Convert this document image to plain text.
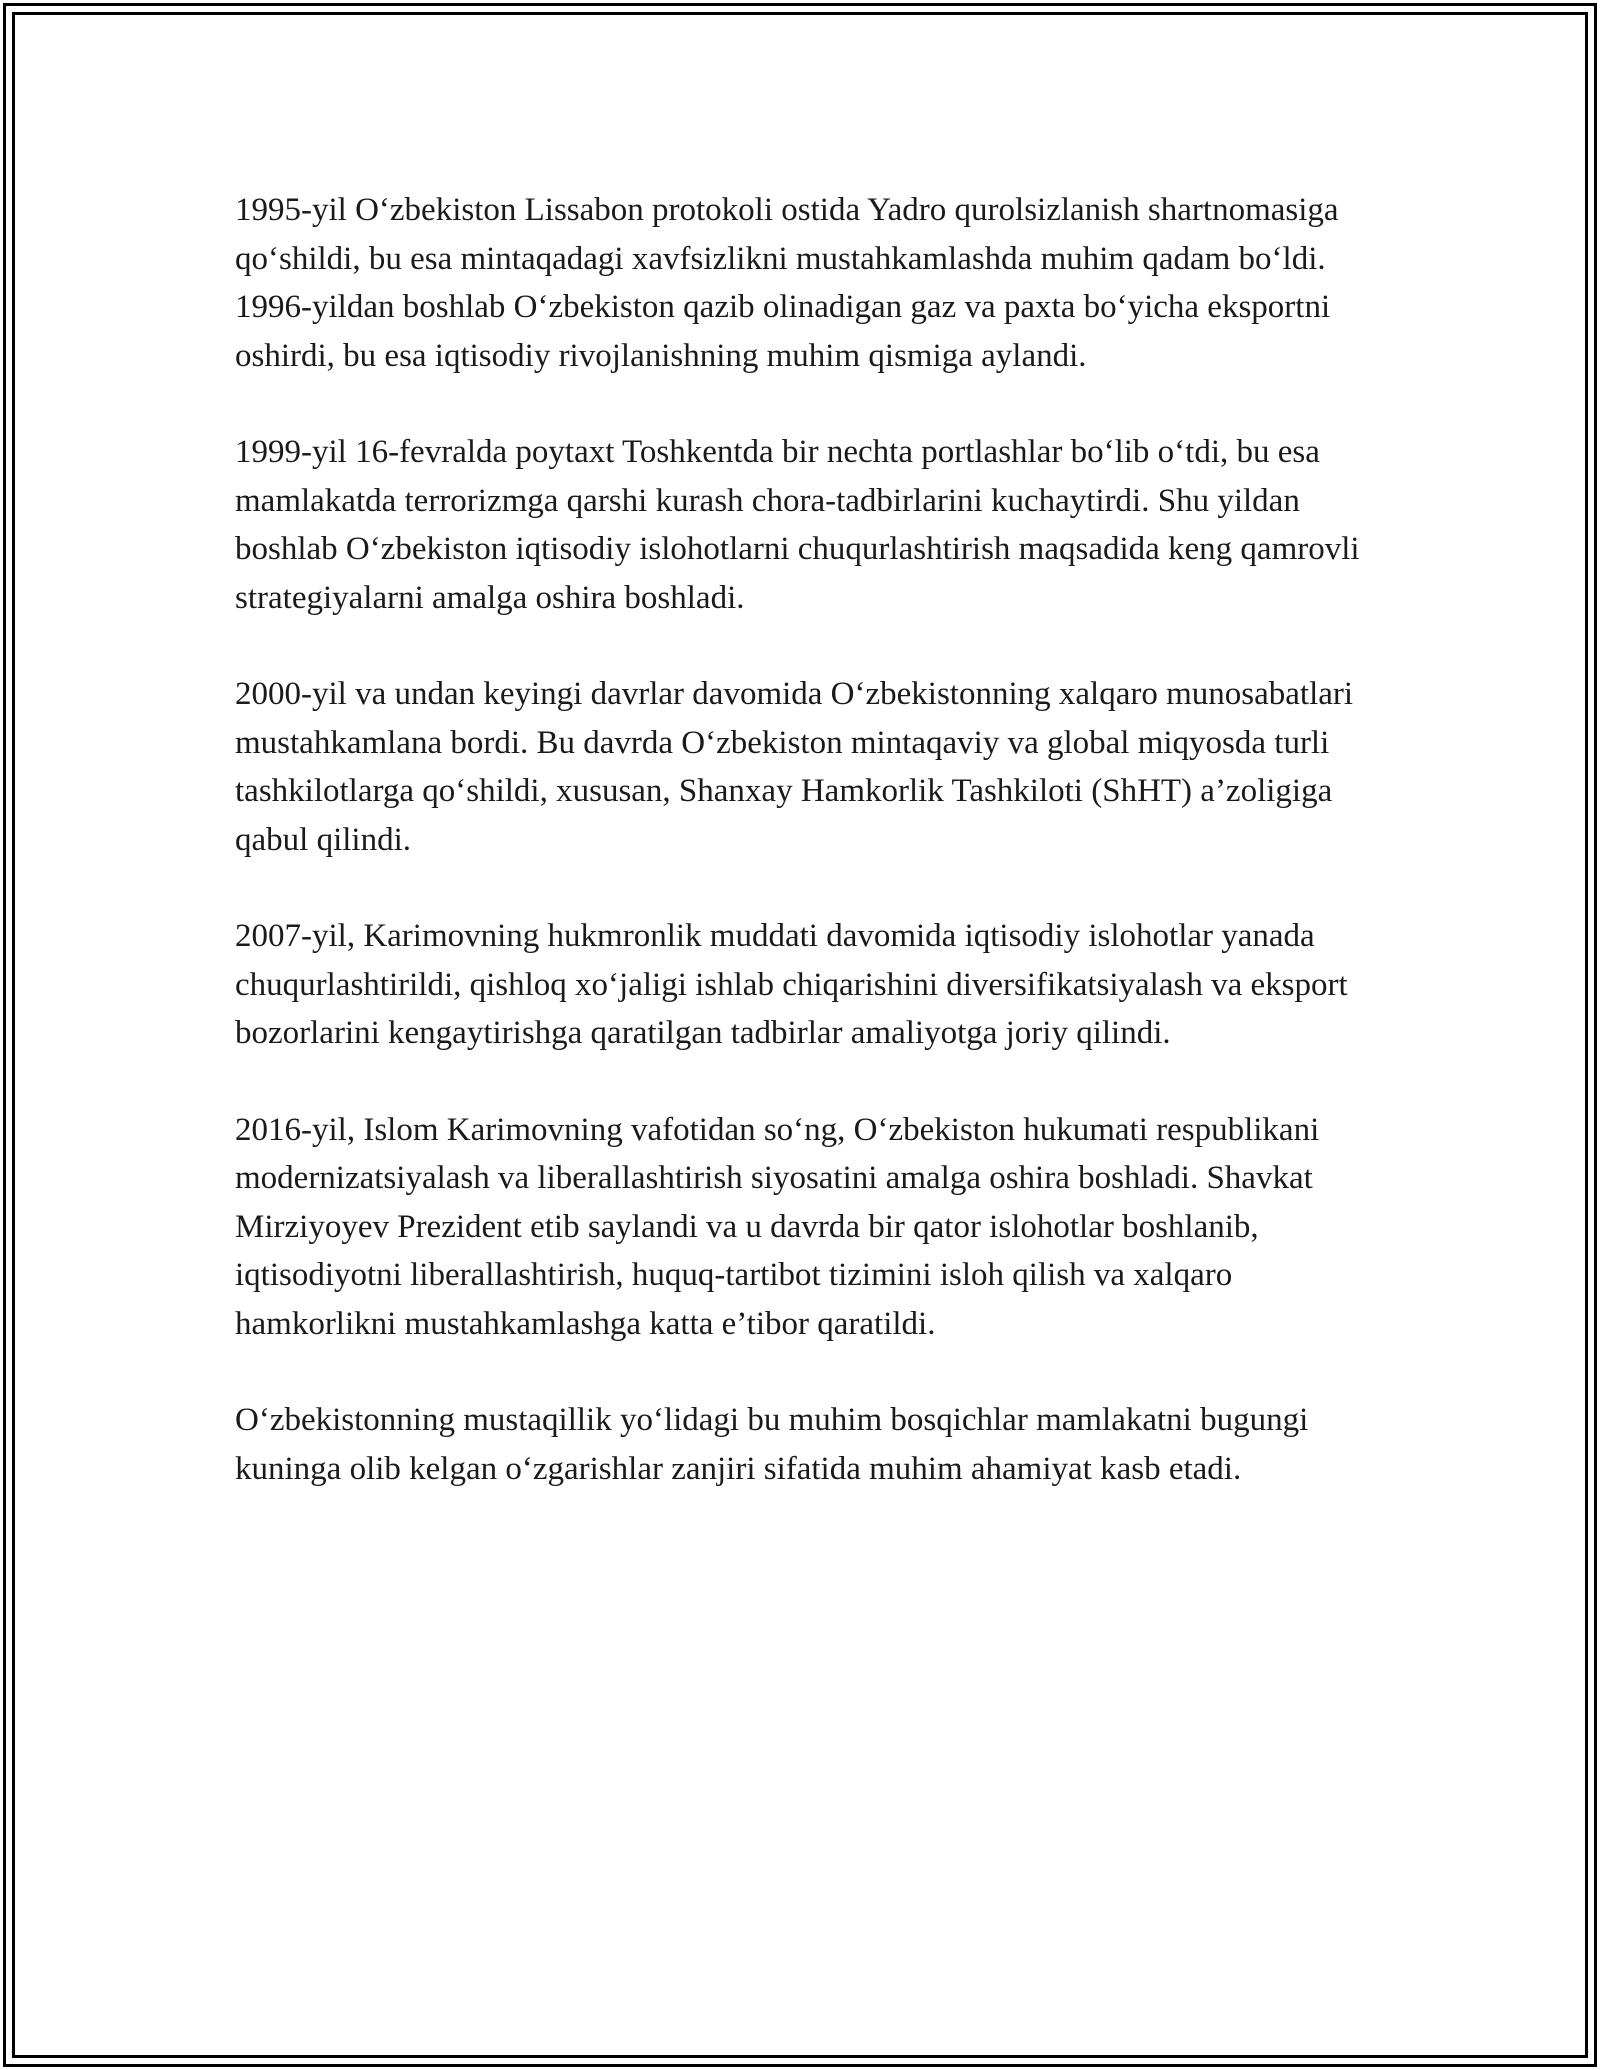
1995-yil O‘zbekiston Lissabon protokoli ostida Yadro qurolsizlanish shartnomasiga qo‘shildi, bu esa mintaqadagi xavfsizlikni mustahkamlashda muhim qadam bo‘ldi. 1996-yildan boshlab O‘zbekiston qazib olinadigan gaz va paxta bo‘yicha eksportni oshirdi, bu esa iqtisodiy rivojlanishning muhim qismiga aylandi.

1999-yil 16-fevralda poytaxt Toshkentda bir nechta portlashlar bo‘lib o‘tdi, bu esa mamlakatda terrorizmga qarshi kurash chora-tadbirlarini kuchaytirdi. Shu yildan boshlab O‘zbekiston iqtisodiy islohotlarni chuqurlashtirish maqsadida keng qamrovli strategiyalarni amalga oshira boshladi.

2000-yil va undan keyingi davrlar davomida O‘zbekistonning xalqaro munosabatlari mustahkamlana bordi. Bu davrda O‘zbekiston mintaqaviy va global miqyosda turli tashkilotlarga qo‘shildi, xususan, Shanxay Hamkorlik Tashkiloti (ShHT) a’zoligiga qabul qilindi.

2007-yil, Karimovning hukmronlik muddati davomida iqtisodiy islohotlar yanada chuqurlashtirildi, qishloq xo‘jaligi ishlab chiqarishini diversifikatsiyalash va eksport bozorlarini kengaytirishga qaratilgan tadbirlar amaliyotga joriy qilindi.

2016-yil, Islom Karimovning vafotidan so‘ng, O‘zbekiston hukumati respublikani modernizatsiyalash va liberallashtirish siyosatini amalga oshira boshladi. Shavkat Mirziyoyev Prezident etib saylandi va u davrda bir qator islohotlar boshlanib, iqtisodiyotni liberallashtirish, huquq-tartibot tizimini isloh qilish va xalqaro hamkorlikni mustahkamlashga katta e’tibor qaratildi.

O‘zbekistonning mustaqillik yo‘lidagi bu muhim bosqichlar mamlakatni bugungi kuninga olib kelgan o‘zgarishlar zanjiri sifatida muhim ahamiyat kasb etadi.
